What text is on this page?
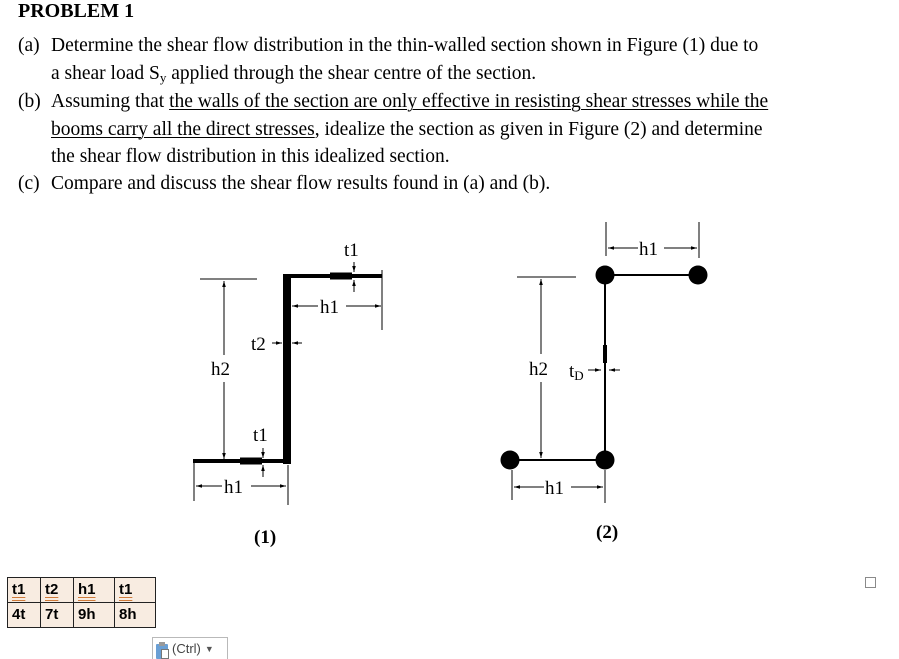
PROBLEM 1
(a) Determine the shear flow distribution in the thin-walled section shown in Figure (1) due to
a shear load $S_y$ applied through the shear centre of the section.
(b) Assuming that the walls of the section are only effective in resisting shear stresses while the
booms carry all the direct stresses, idealize the section as given in Figure (2) and determine
the shear flow distribution in this idealized section.
(c) Compare and discuss the shear flow results found in (a) and (b).
t1
h1
t2
h2
t1
h1
(1)
h1
h2 tD
h1
(2)
t1	t2	h1	t1
4t	7t	9h	8h
(Ctrl) ▼
